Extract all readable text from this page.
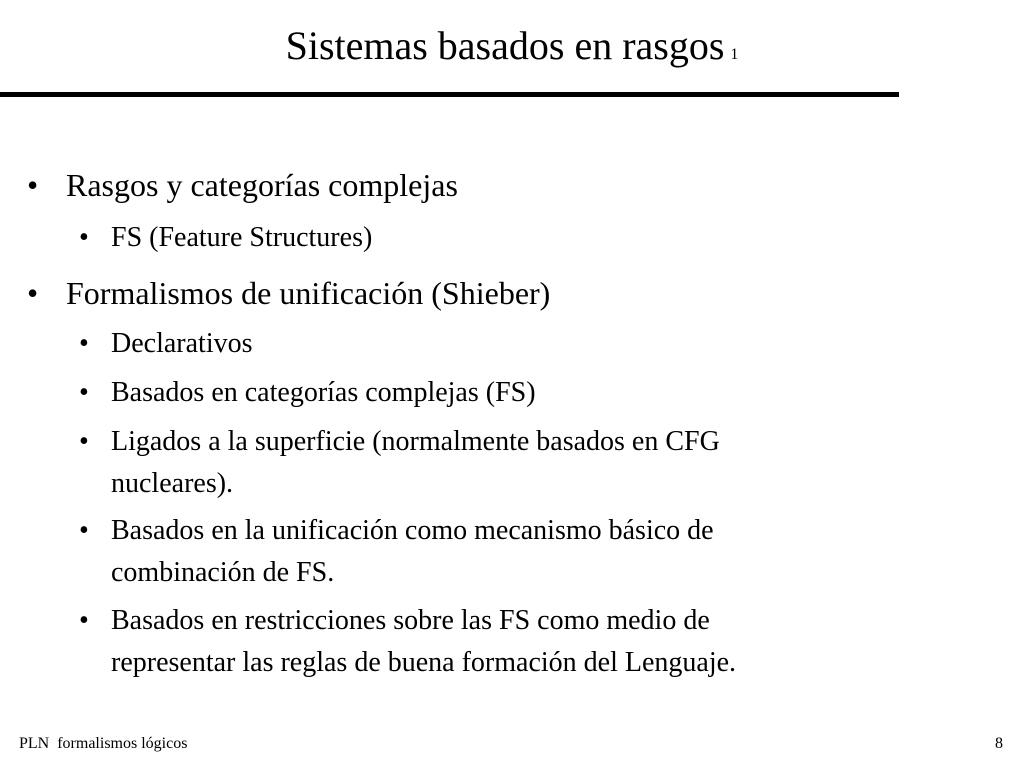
Sistemas basados en rasgos 1
• Rasgos y categorías complejas
• FS (Feature Structures)
• Formalismos de unificación (Shieber)
• Declarativos
• Basados en categorías complejas (FS)
• Ligados a la superficie (normalmente basados en CFG
nucleares).
• Basados en la unificación como mecanismo básico de
combinación de FS.
• Basados en restricciones sobre las FS como medio de
representar las reglas de buena formación del Lenguaje.
PLN  formalismos lógicos	8
